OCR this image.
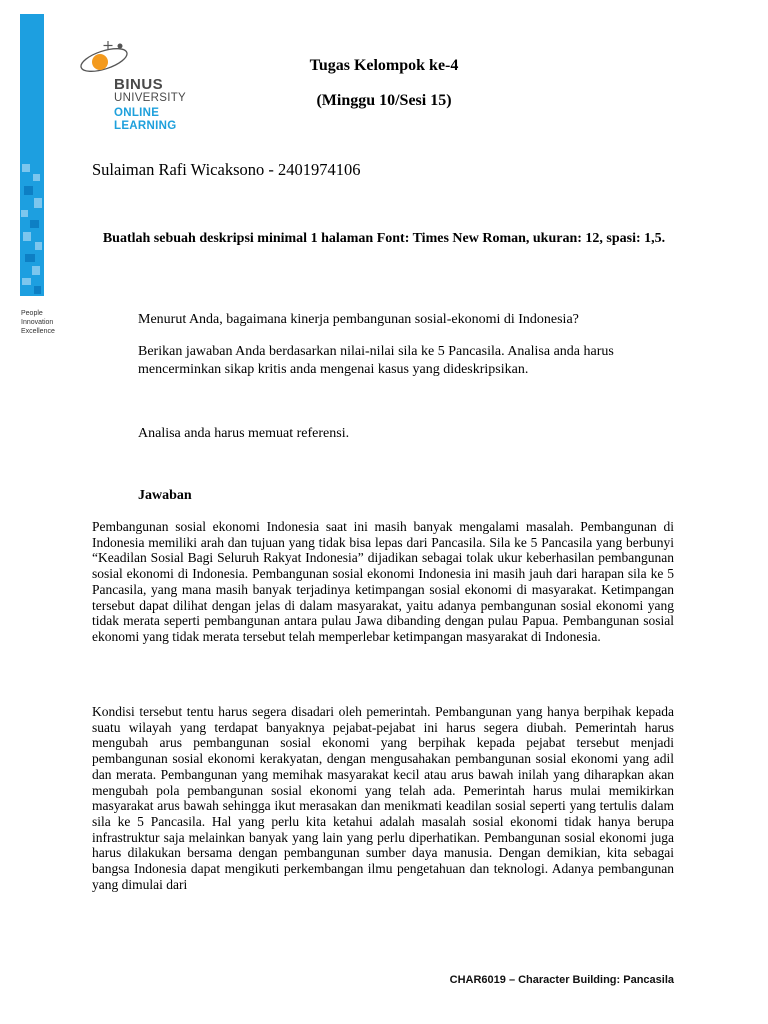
People
Innovation
Excellence
BINUS
UNIVERSITY
ONLINE
LEARNING
Tugas Kelompok ke-4
(Minggu 10/Sesi 15)
Sulaiman Rafi Wicaksono - 2401974106
Buatlah sebuah deskripsi minimal 1 halaman Font: Times New Roman, ukuran: 12, spasi: 1,5.
Menurut Anda, bagaimana kinerja pembangunan sosial-ekonomi di Indonesia?
Berikan jawaban Anda berdasarkan nilai-nilai sila ke 5 Pancasila. Analisa anda harus mencerminkan sikap kritis anda mengenai kasus yang dideskripsikan.
Analisa anda harus memuat referensi.
Jawaban
Pembangunan sosial ekonomi Indonesia saat ini masih banyak mengalami masalah. Pembangunan di Indonesia memiliki arah dan tujuan yang tidak bisa lepas dari Pancasila. Sila ke 5 Pancasila yang berbunyi “Keadilan Sosial Bagi Seluruh Rakyat Indonesia” dijadikan sebagai tolak ukur keberhasilan pembangunan sosial ekonomi di Indonesia. Pembangunan sosial ekonomi Indonesia ini masih jauh dari harapan sila ke 5 Pancasila, yang mana masih banyak terjadinya ketimpangan sosial ekonomi di masyarakat. Ketimpangan tersebut dapat dilihat dengan jelas di dalam masyarakat, yaitu adanya pembangunan sosial ekonomi yang tidak merata seperti pembangunan antara pulau Jawa dibanding dengan pulau Papua. Pembangunan sosial ekonomi yang tidak merata tersebut telah memperlebar ketimpangan masyarakat di Indonesia.
Kondisi tersebut tentu harus segera disadari oleh pemerintah. Pembangunan yang hanya berpihak kepada suatu wilayah yang terdapat banyaknya pejabat-pejabat ini harus segera diubah. Pemerintah harus mengubah arus pembangunan sosial ekonomi yang berpihak kepada pejabat tersebut menjadi pembangunan sosial ekonomi kerakyatan, dengan mengusahakan pembangunan sosial ekonomi yang adil dan merata. Pembangunan yang memihak masyarakat kecil atau arus bawah inilah yang diharapkan akan mengubah pola pembangunan sosial ekonomi yang telah ada. Pemerintah harus mulai memikirkan masyarakat arus bawah sehingga ikut merasakan dan menikmati keadilan sosial seperti yang tertulis dalam sila ke 5 Pancasila. Hal yang perlu kita ketahui adalah masalah sosial ekonomi tidak hanya berupa infrastruktur saja melainkan banyak yang lain yang perlu diperhatikan. Pembangunan sosial ekonomi juga harus dilakukan bersama dengan pembangunan sumber daya manusia. Dengan demikian, kita sebagai bangsa Indonesia dapat mengikuti perkembangan ilmu pengetahuan dan teknologi. Adanya pembangunan yang dimulai dari
CHAR6019 – Character Building: Pancasila
